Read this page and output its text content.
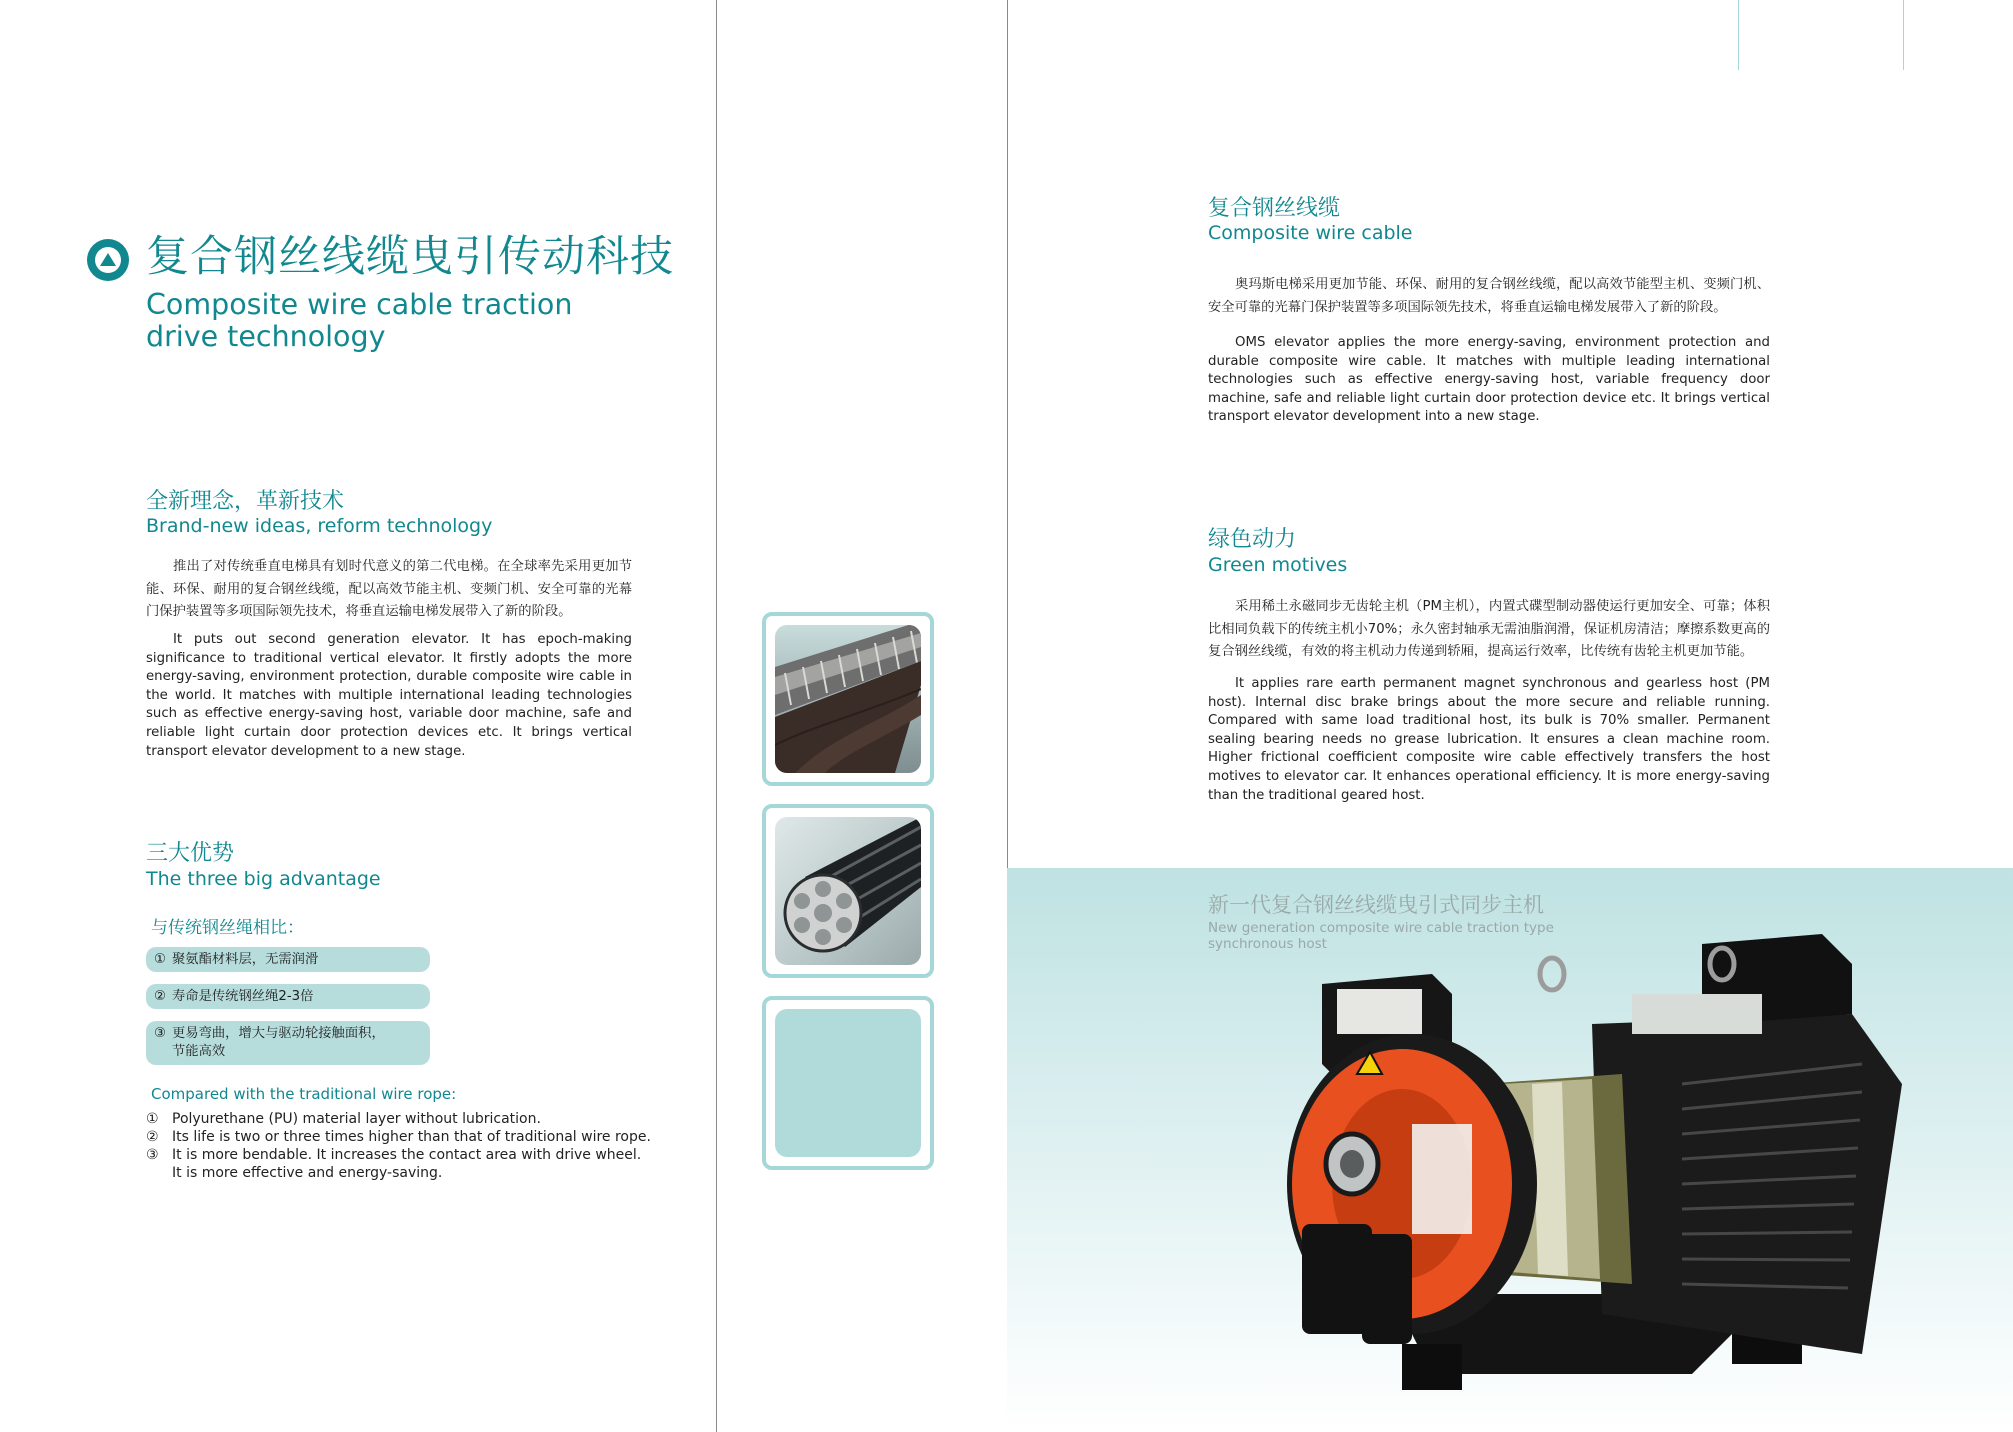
复合钢丝线缆曳引传动科技
Composite wire cable traction
drive technology
全新理念，革新技术
Brand-new ideas, reform technology

推出了对传统垂直电梯具有划时代意义的第二代电梯。在全球率先采用更加节能、环保、耐用的复合钢丝线缆，配以高效节能主机、变频门机、安全可靠的光幕门保护装置等多项国际领先技术，将垂直运输电梯发展带入了新的阶段。

It puts out second generation elevator. It has epoch-making significance to traditional vertical elevator. It firstly adopts the more energy-saving, environment protection, durable composite wire cable in the world. It matches with multiple international leading technologies such as effective energy-saving host, variable door machine, safe and reliable light curtain door protection devices etc. It brings vertical transport elevator development to a new stage.

三大优势
The three big advantage
与传统钢丝绳相比：
① 聚氨酯材料层，无需润滑
② 寿命是传统钢丝绳2-3倍
③ 更易弯曲，增大与驱动轮接触面积，
节能高效
Compared with the traditional wire rope:
① Polyurethane (PU) material layer without lubrication.
② Its life is two or three times higher than that of traditional wire rope.
③ It is more bendable. It increases the contact area with drive wheel.
It is more effective and energy-saving.
复合钢丝线缆
Composite wire cable

奥玛斯电梯采用更加节能、环保、耐用的复合钢丝线缆，配以高效节能型主机、变频门机、安全可靠的光幕门保护装置等多项国际领先技术，将垂直运输电梯发展带入了新的阶段。

OMS elevator applies the more energy-saving, environment protection and durable composite wire cable. It matches with multiple leading international technologies such as effective energy-saving host, variable frequency door machine, safe and reliable light curtain door protection device etc. It brings vertical transport elevator development into a new stage.

绿色动力
Green motives

采用稀土永磁同步无齿轮主机（PM主机），内置式碟型制动器使运行更加安全、可靠；体积比相同负载下的传统主机小70%；永久密封轴承无需油脂润滑，保证机房清洁；摩擦系数更高的复合钢丝线缆，有效的将主机动力传递到轿厢，提高运行效率，比传统有齿轮主机更加节能。

It applies rare earth permanent magnet synchronous and gearless host (PM host). Internal disc brake brings about the more secure and reliable running. Compared with same load traditional host, its bulk is 70% smaller. Permanent sealing bearing needs no grease lubrication. It ensures a clean machine room. Higher frictional coefficient composite wire cable effectively transfers the host motives to elevator car. It enhances operational efficiency. It is more energy-saving than the traditional geared host.

新一代复合钢丝线缆曳引式同步主机
New generation composite wire cable traction type
synchronous host
